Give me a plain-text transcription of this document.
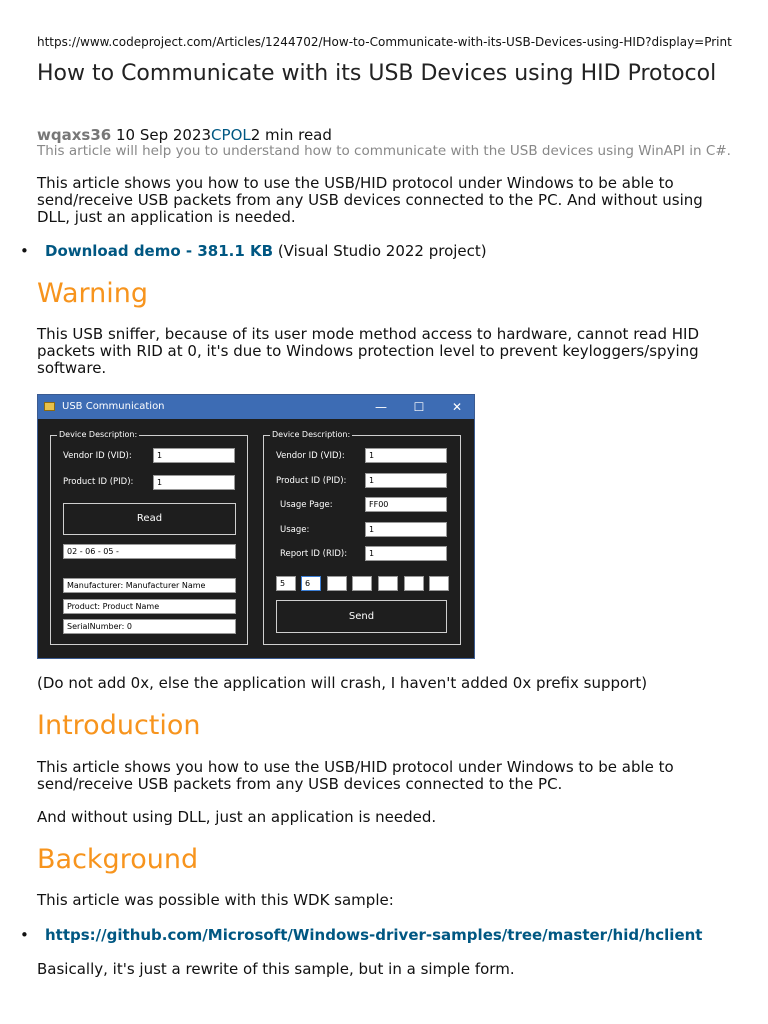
https://www.codeproject.com/Articles/1244702/How-to-Communicate-with-its-USB-Devices-using-HID?display=Print
How to Communicate with its USB Devices using HID Protocol
wqaxs36 10 Sep 2023CPOL2 min read
This article will help you to understand how to communicate with the USB devices using WinAPI in C#.
This article shows you how to use the USB/HID protocol under Windows to be able to send/receive USB packets from any USB devices connected to the PC. And without using DLL, just an application is needed.
• Download demo - 381.1 KB (Visual Studio 2022 project)
Warning
This USB sniffer, because of its user mode method access to hardware, cannot read HID packets with RID at 0, it's due to Windows protection level to prevent keyloggers/spying software.
USB Communication	—	☐	✕
Device Description:
Vendor ID (VID):	1
Product ID (PID):	1
Read
02 - 06 - 05 -
Manufacturer: Manufacturer Name
Product: Product Name
SerialNumber: 0
Device Description:
Vendor ID (VID):	1
Product ID (PID):	1
Usage Page:	FF00
Usage:	1
Report ID (RID):	1
5	6
Send
(Do not add 0x, else the application will crash, I haven't added 0x prefix support)
Introduction
This article shows you how to use the USB/HID protocol under Windows to be able to send/receive USB packets from any USB devices connected to the PC.
And without using DLL, just an application is needed.
Background
This article was possible with this WDK sample:
• https://github.com/Microsoft/Windows-driver-samples/tree/master/hid/hclient
Basically, it's just a rewrite of this sample, but in a simple form.
